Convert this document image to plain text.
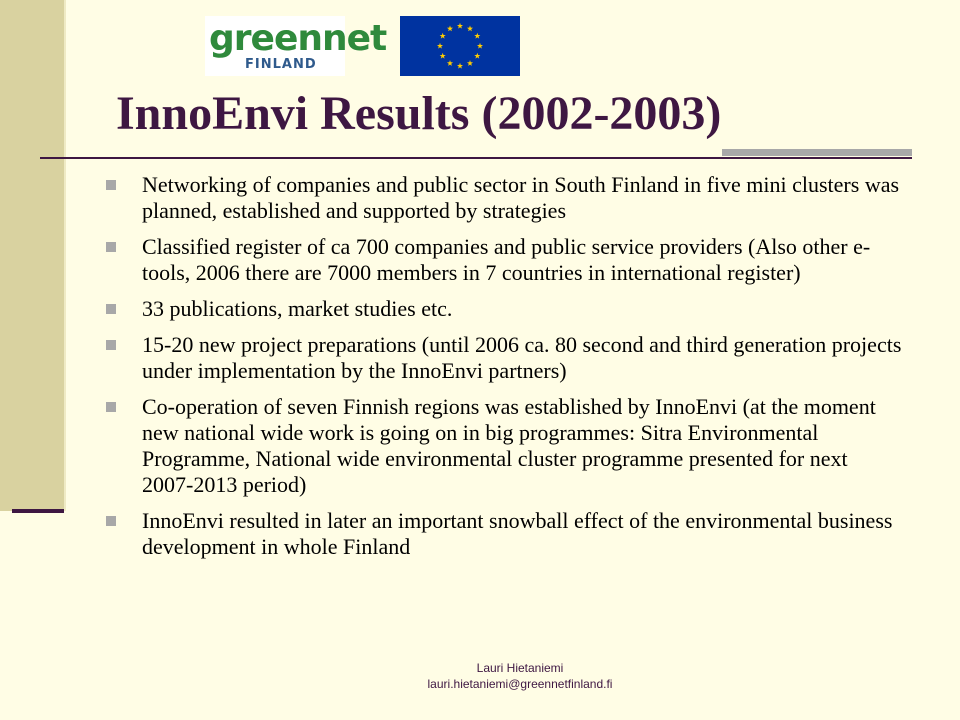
greennet
FINLAND
InnoEnvi Results (2002-2003)
Networking of companies and public sector in South Finland in five mini clusters was planned, established and supported by strategies
Classified register of ca 700 companies and public service providers (Also other e-tools, 2006 there are 7000 members in 7 countries in international register)
33 publications, market studies etc.
15-20 new project preparations (until 2006 ca. 80 second and third generation projects under implementation by the InnoEnvi partners)
Co-operation of seven Finnish regions was established by InnoEnvi (at the moment new national wide work is going on in big programmes: Sitra Environmental Programme, National wide environmental cluster programme presented for next 2007-2013 period)
InnoEnvi resulted in later an important snowball effect of the environmental business development in whole Finland
Lauri Hietaniemi
lauri.hietaniemi@greennetfinland.fi
